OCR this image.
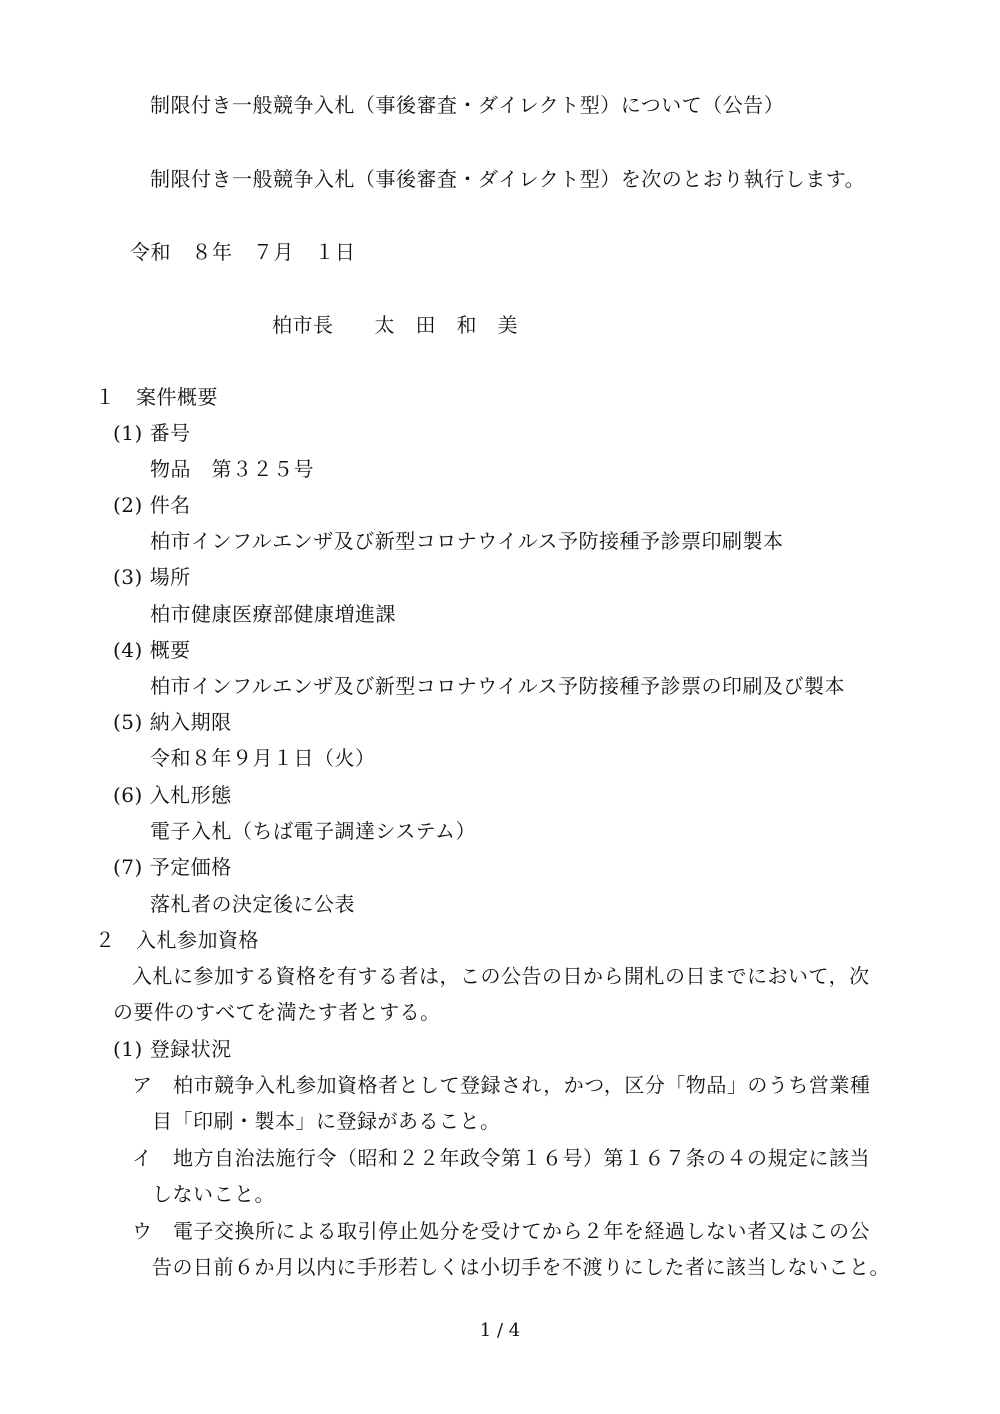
制限付き一般競争入札（事後審査・ダイレクト型）について（公告）
制限付き一般競争入札（事後審査・ダイレクト型）を次のとおり執行します。
令和　８年　７月　１日
柏市長　　太　田　和　美
１　案件概要
(1) 番号
物品　第３２５号
(2) 件名
柏市インフルエンザ及び新型コロナウイルス予防接種予診票印刷製本
(3) 場所
柏市健康医療部健康増進課
(4) 概要
柏市インフルエンザ及び新型コロナウイルス予防接種予診票の印刷及び製本
(5) 納入期限
令和８年９月１日（火）
(6) 入札形態
電子入札（ちば電子調達システム）
(7) 予定価格
落札者の決定後に公表
２　入札参加資格
入札に参加する資格を有する者は，この公告の日から開札の日までにおいて，次
の要件のすべてを満たす者とする。
(1) 登録状況
ア　柏市競争入札参加資格者として登録され，かつ，区分「物品」のうち営業種
目「印刷・製本」に登録があること。
イ　地方自治法施行令（昭和２２年政令第１６号）第１６７条の４の規定に該当
しないこと。
ウ　電子交換所による取引停止処分を受けてから２年を経過しない者又はこの公
告の日前６か月以内に手形若しくは小切手を不渡りにした者に該当しないこと。
1 / 4
